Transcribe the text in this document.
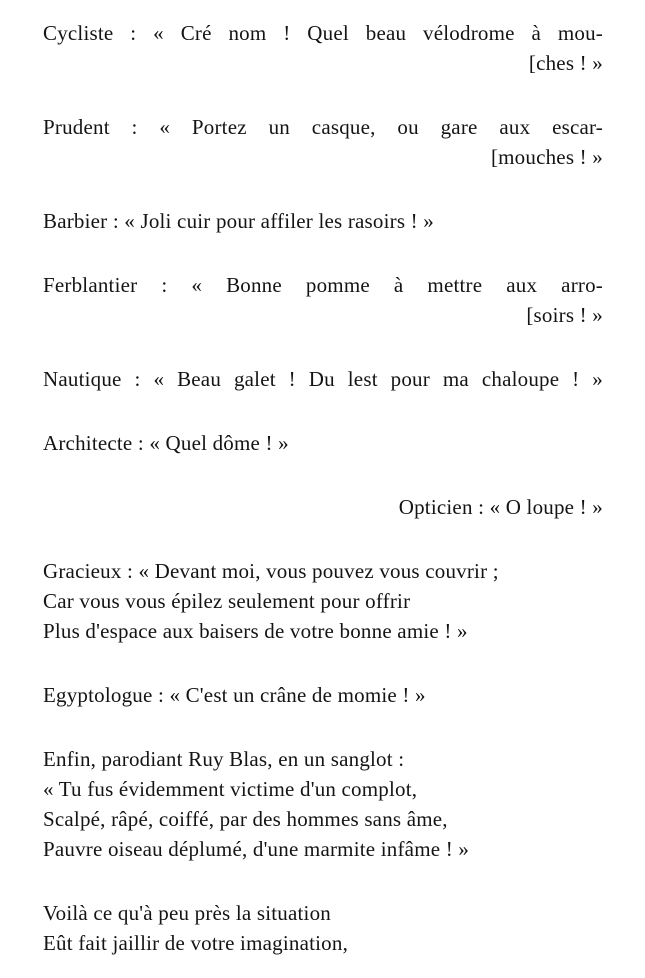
Cycliste : « Cré nom ! Quel beau vélodrome à mou-
[ches ! »
Prudent : « Portez un casque, ou gare aux escar-
[mouches ! »
Barbier : « Joli cuir pour affiler les rasoirs ! »
Ferblantier : « Bonne pomme à mettre aux arro-
[soirs ! »
Nautique : « Beau galet ! Du lest pour ma chaloupe ! »
Architecte : « Quel dôme ! »
Opticien : « O loupe ! »
Gracieux : « Devant moi, vous pouvez vous couvrir ;
Car vous vous épilez seulement pour offrir
Plus d'espace aux baisers de votre bonne amie ! »
Egyptologue : « C'est un crâne de momie ! »
Enfin, parodiant Ruy Blas, en un sanglot :
« Tu fus évidemment victime d'un complot,
Scalpé, râpé, coiffé, par des hommes sans âme,
Pauvre oiseau déplumé, d'une marmite infâme ! »
Voilà ce qu'à peu près la situation
Eût fait jaillir de votre imagination,
